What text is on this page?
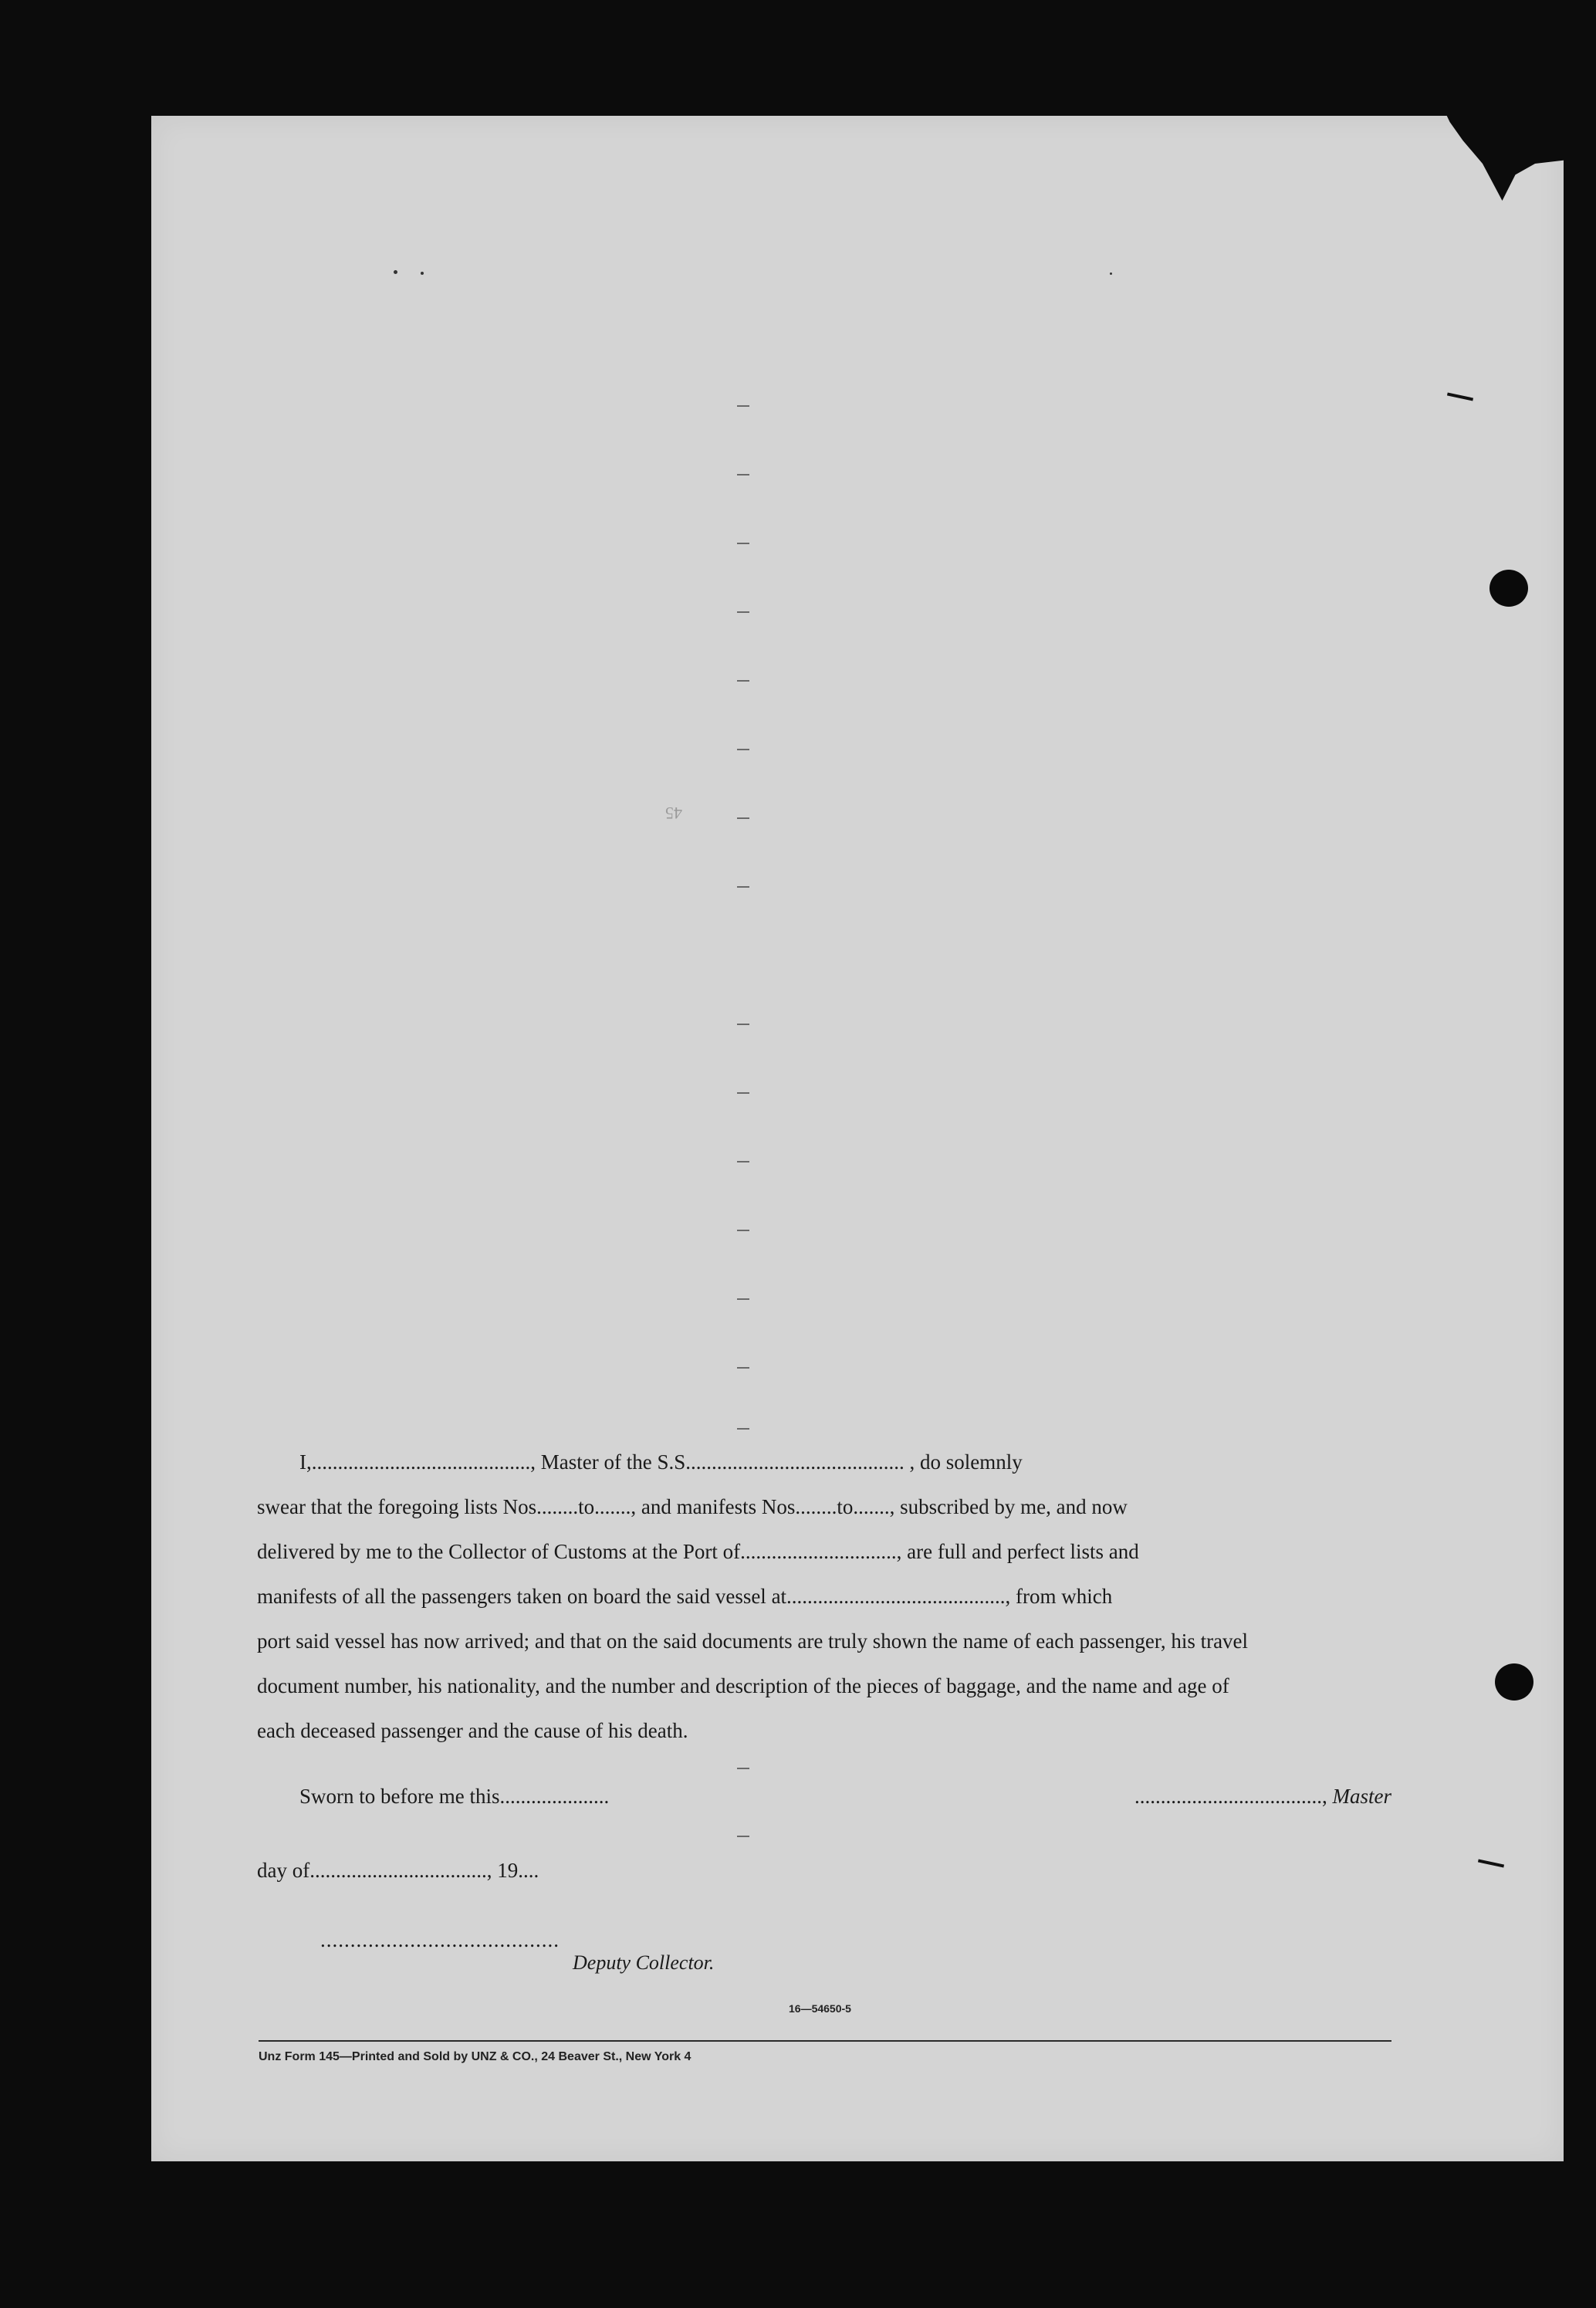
45

I,.........................................., Master of the S.S.......................................... , do solemnly

swear that the foregoing lists Nos........to......., and manifests Nos........to......., subscribed by me, and now

delivered by me to the Collector of Customs at the Port of.............................., are full and perfect lists and

manifests of all the passengers taken on board the said vessel at.........................................., from which

port said vessel has now arrived; and that on the said documents are truly shown the name of each passenger, his travel

document number, his nationality, and the number and description of the pieces of baggage, and the name and age of

each deceased passenger and the cause of his death.

Sworn to before me this.....................	...................................., Master
day of.................................., 19....
........................................
Deputy Collector.
16—54650-5
Unz Form 145—Printed and Sold by UNZ & CO., 24 Beaver St., New York 4
